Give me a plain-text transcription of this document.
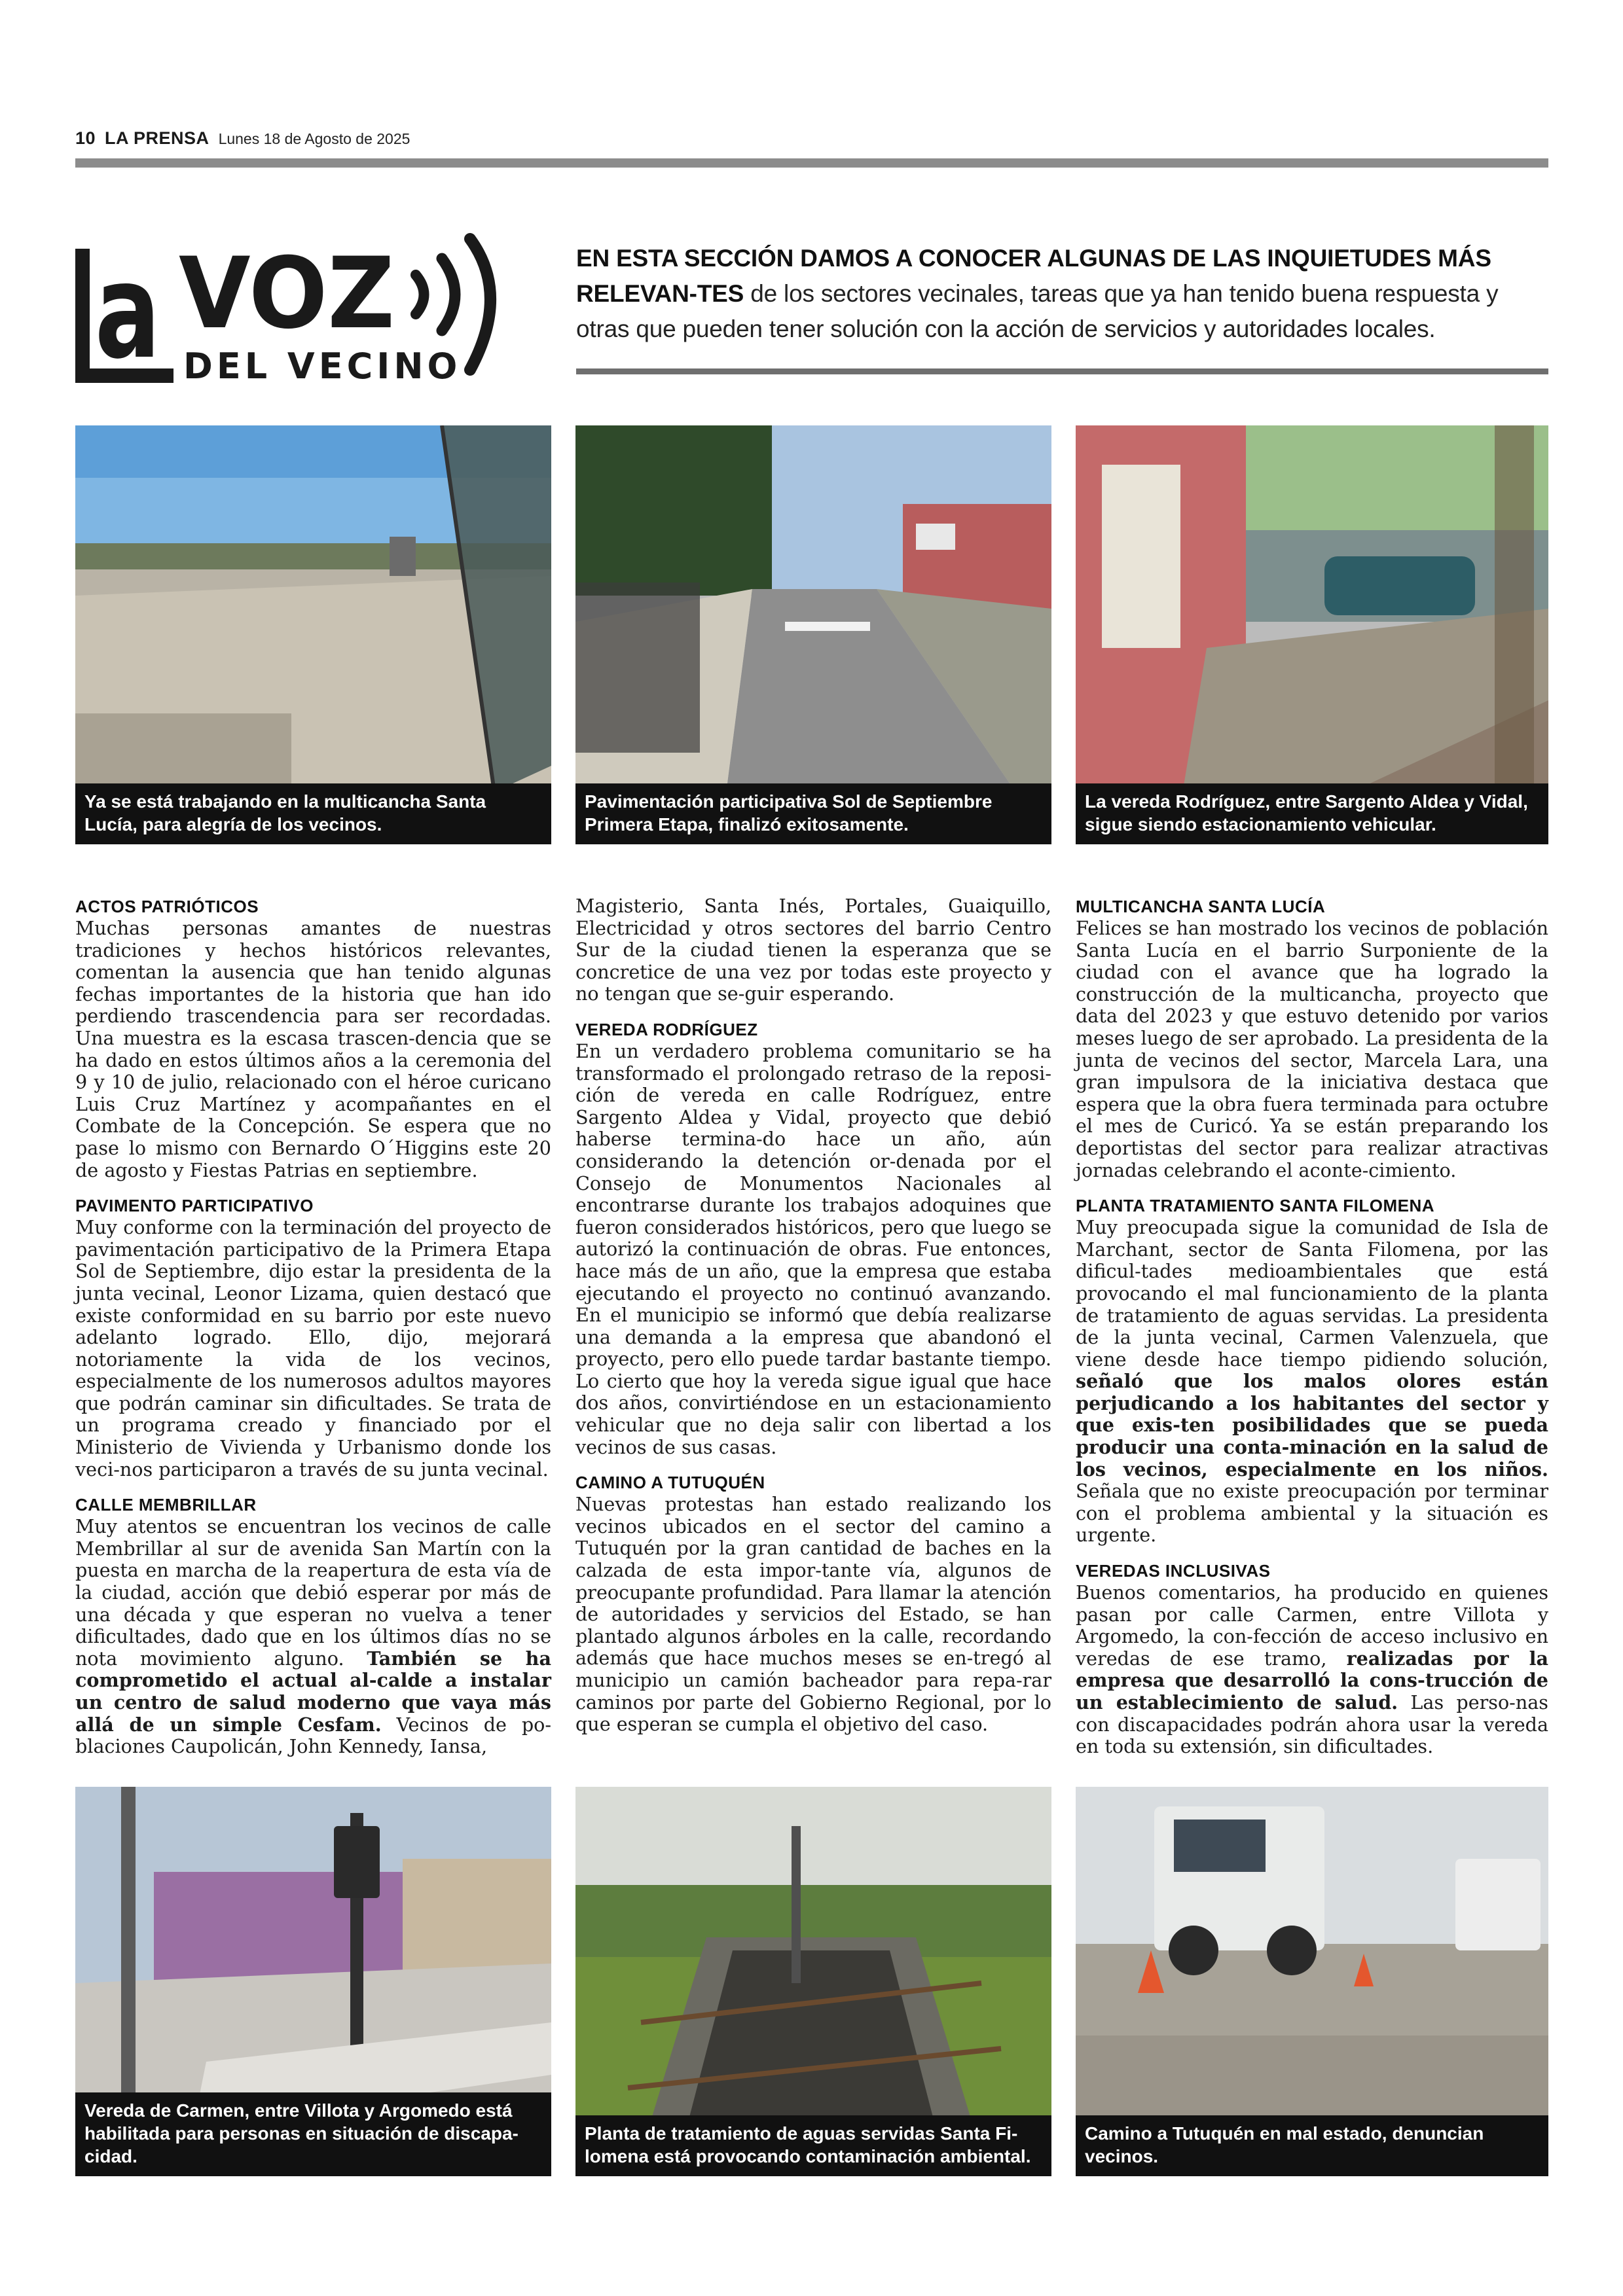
10 LA PRENSA Lunes 18 de Agosto de 2025
a VOZ
DEL VECINO
EN ESTA SECCIÓN DAMOS A CONOCER ALGUNAS DE LAS INQUIETUDES MÁS RELEVAN-TES de los sectores vecinales, tareas que ya han tenido buena respuesta y otras que pueden tener solución con la acción de servicios y autoridades locales.
Ya se está trabajando en la multicancha Santa Lucía, para alegría de los vecinos.
Pavimentación participativa Sol de Septiembre Primera Etapa, finalizó exitosamente.
La vereda Rodríguez, entre Sargento Aldea y Vidal, sigue siendo estacionamiento vehicular.
ACTOS PATRIÓTICOS

Muchas personas amantes de nuestras tradiciones y hechos históricos relevantes, comentan la ausencia que han tenido algunas fechas importantes de la historia que han ido perdiendo trascendencia para ser recordadas. Una muestra es la escasa trascen-dencia que se ha dado en estos últimos años a la ceremonia del 9 y 10 de julio, relacionado con el héroe curicano Luis Cruz Martínez y acompañantes en el Combate de la Concepción. Se espera que no pase lo mismo con Bernardo O´Higgins este 20 de agosto y Fiestas Patrias en septiembre.

PAVIMENTO PARTICIPATIVO

Muy conforme con la terminación del proyecto de pavimentación participativo de la Primera Etapa Sol de Septiembre, dijo estar la presidenta de la junta vecinal, Leonor Lizama, quien destacó que existe conformidad en su barrio por este nuevo adelanto logrado. Ello, dijo, mejorará notoriamente la vida de los vecinos, especialmente de los numerosos adultos mayores que podrán caminar sin dificultades. Se trata de un programa creado y financiado por el Ministerio de Vivienda y Urbanismo donde los veci-nos participaron a través de su junta vecinal.

CALLE MEMBRILLAR

Muy atentos se encuentran los vecinos de calle Membrillar al sur de avenida San Martín con la puesta en marcha de la reapertura de esta vía de la ciudad, acción que debió esperar por más de una década y que esperan no vuelva a tener dificultades, dado que en los últimos días no se nota movimiento alguno. También se ha comprometido el actual al-calde a instalar un centro de salud moderno que vaya más allá de un simple Cesfam. Vecinos de po-blaciones Caupolicán, John Kennedy, Iansa,

Magisterio, Santa Inés, Portales, Guaiquillo, Electricidad y otros sectores del barrio Centro Sur de la ciudad tienen la esperanza que se concretice de una vez por todas este proyecto y no tengan que se-guir esperando.

VEREDA RODRÍGUEZ

En un verdadero problema comunitario se ha transformado el prolongado retraso de la reposi-ción de vereda en calle Rodríguez, entre Sargento Aldea y Vidal, proyecto que debió haberse termina-do hace un año, aún considerando la detención or-denada por el Consejo de Monumentos Nacionales al encontrarse durante los trabajos adoquines que fueron considerados históricos, pero que luego se autorizó la continuación de obras. Fue entonces, hace más de un año, que la empresa que estaba ejecutando el proyecto no continuó avanzando. En el municipio se informó que debía realizarse una demanda a la empresa que abandonó el proyecto, pero ello puede tardar bastante tiempo. Lo cierto que hoy la vereda sigue igual que hace dos años, convirtiéndose en un estacionamiento vehicular que no deja salir con libertad a los vecinos de sus casas.

CAMINO A TUTUQUÉN

Nuevas protestas han estado realizando los vecinos ubicados en el sector del camino a Tutuquén por la gran cantidad de baches en la calzada de esta impor-tante vía, algunos de preocupante profundidad. Para llamar la atención de autoridades y servicios del Estado, se han plantado algunos árboles en la calle, recordando además que hace muchos meses se en-tregó al municipio un camión bacheador para repa-rar caminos por parte del Gobierno Regional, por lo que esperan se cumpla el objetivo del caso.

MULTICANCHA SANTA LUCÍA

Felices se han mostrado los vecinos de población Santa Lucía en el barrio Surponiente de la ciudad con el avance que ha logrado la construcción de la multicancha, proyecto que data del 2023 y que estuvo detenido por varios meses luego de ser aprobado. La presidenta de la junta de vecinos del sector, Marcela Lara, una gran impulsora de la iniciativa destaca que espera que la obra fuera terminada para octubre el mes de Curicó. Ya se están preparando los deportistas del sector para realizar atractivas jornadas celebrando el aconte-cimiento.

PLANTA TRATAMIENTO SANTA FILOMENA

Muy preocupada sigue la comunidad de Isla de Marchant, sector de Santa Filomena, por las dificul-tades medioambientales que está provocando el mal funcionamiento de la planta de tratamiento de aguas servidas. La presidenta de la junta vecinal, Carmen Valenzuela, que viene desde hace tiempo pidiendo solución, señaló que los malos olores están perjudicando a los habitantes del sector y que exis-ten posibilidades que se pueda producir una conta-minación en la salud de los vecinos, especialmente en los niños. Señala que no existe preocupación por terminar con el problema ambiental y la situación es urgente.

VEREDAS INCLUSIVAS

Buenos comentarios, ha producido en quienes pasan por calle Carmen, entre Villota y Argomedo, la con-fección de acceso inclusivo en veredas de ese tramo, realizadas por la empresa que desarrolló la cons-trucción de un establecimiento de salud. Las perso-nas con discapacidades podrán ahora usar la vereda en toda su extensión, sin dificultades.

Vereda de Carmen, entre Villota y Argomedo está habilitada para personas en situación de discapa-cidad.
Planta de tratamiento de aguas servidas Santa Fi-lomena está provocando contaminación ambiental.
Camino a Tutuquén en mal estado, denuncian vecinos.
